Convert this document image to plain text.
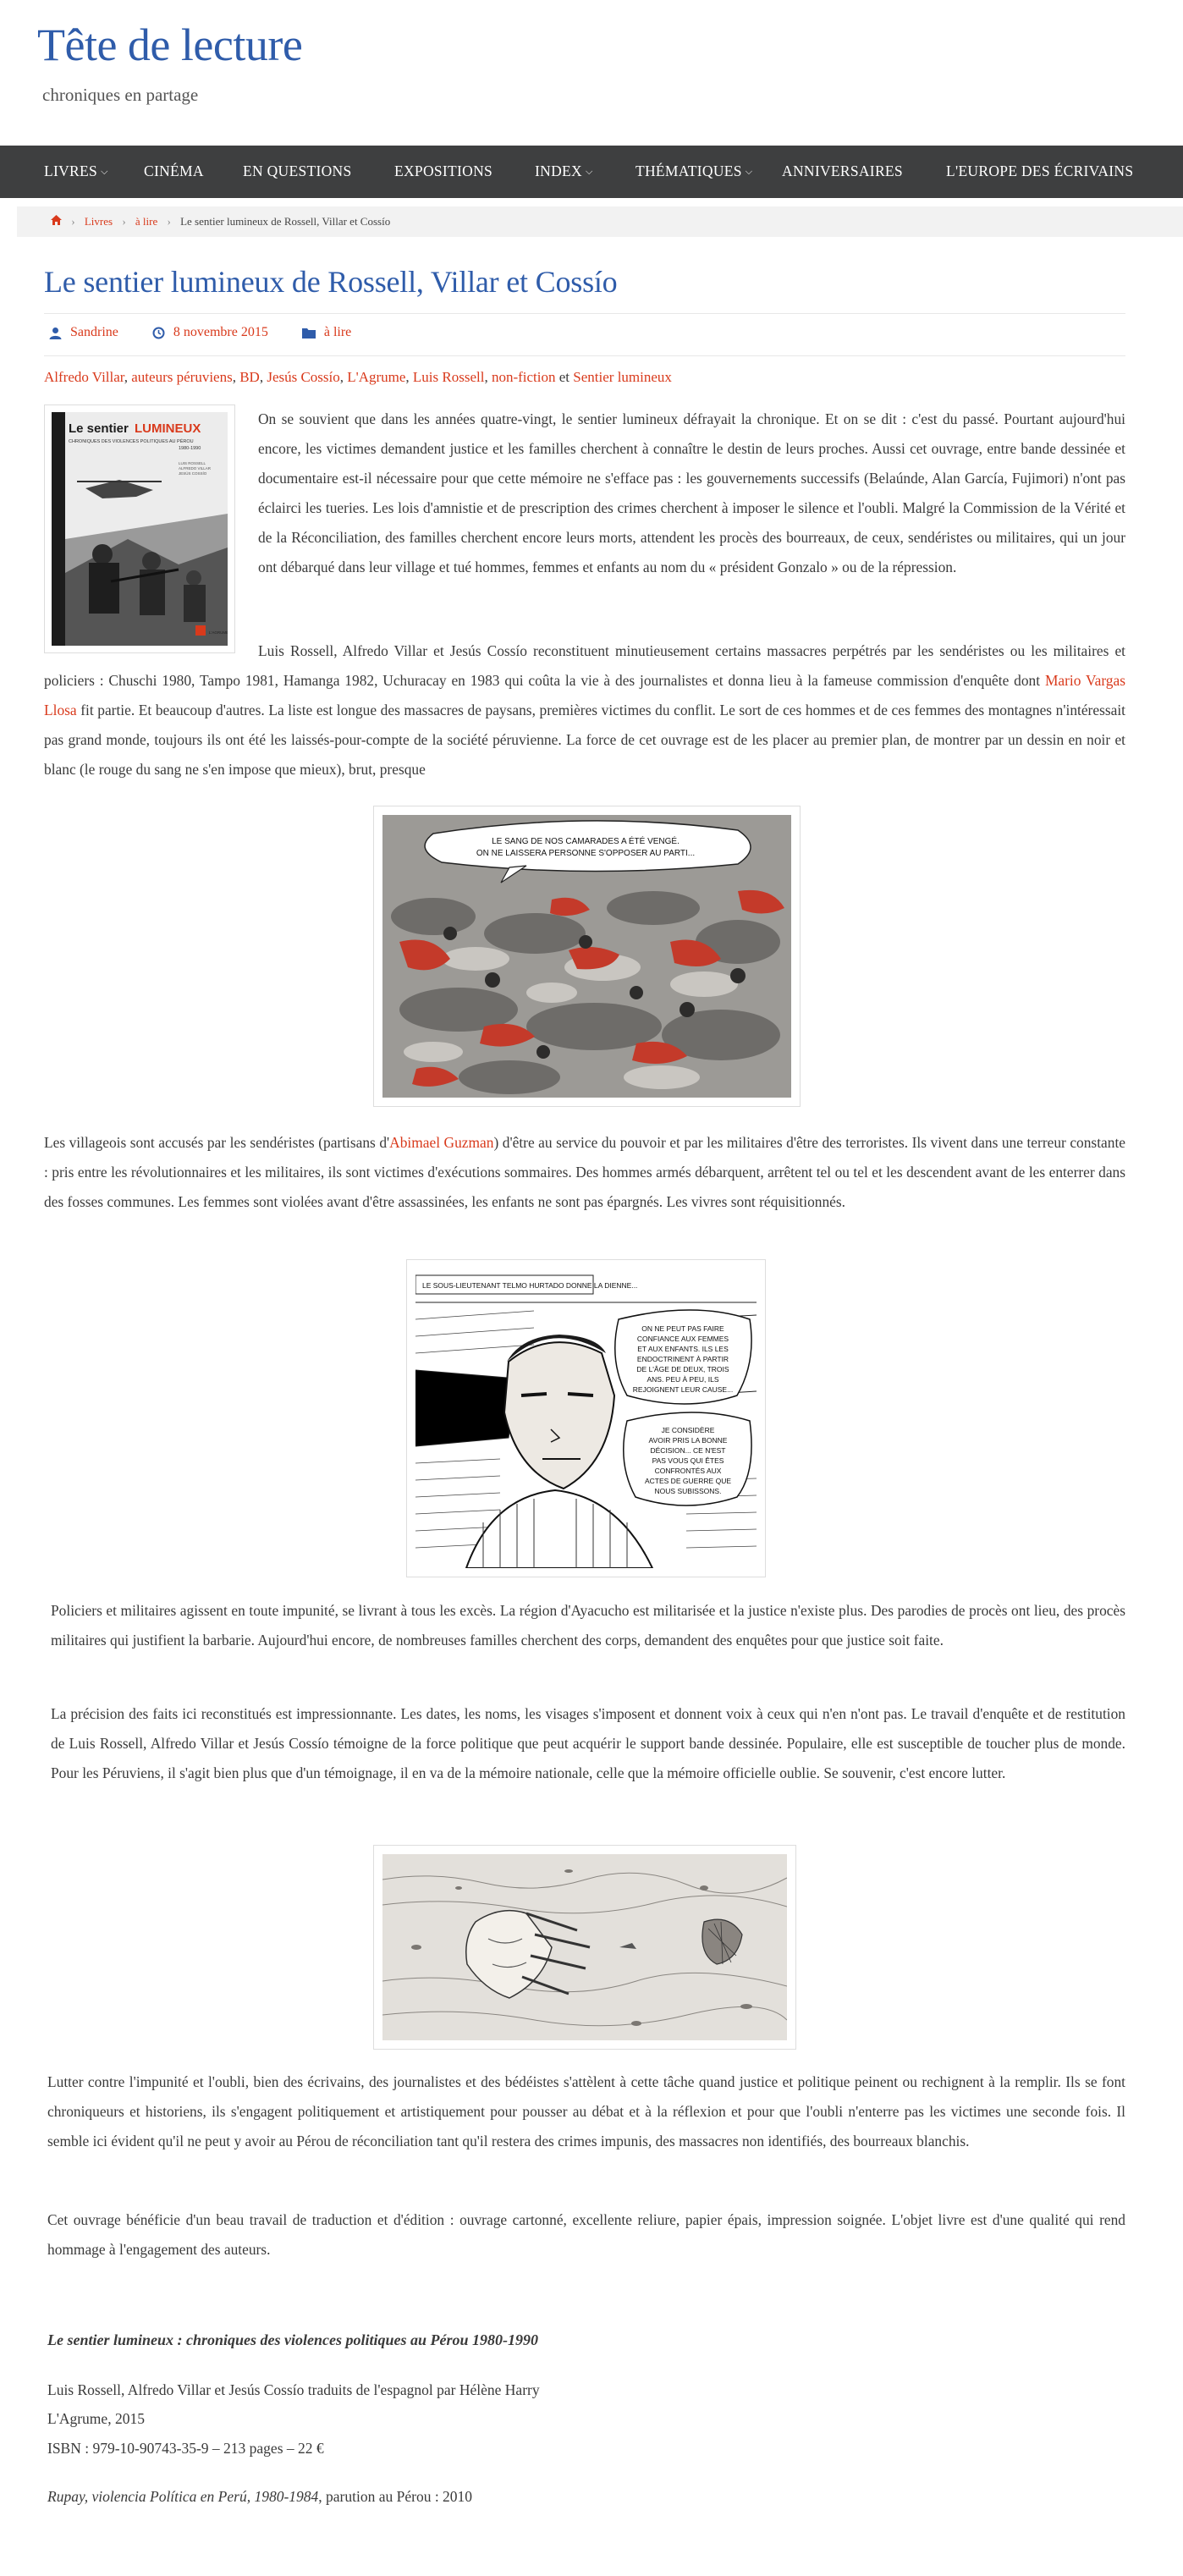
Tête de lecture
chroniques en partage
LIVRES ⌵ CINÉMA	EN QUESTIONS	EXPOSITIONS	INDEX ⌵	THÉMATIQUES ⌵ ANNIVERSAIRES	L'EUROPE DES ÉCRIVAINS
› Livres › à lire › Le sentier lumineux de Rossell, Villar et Cossío
Le sentier lumineux de Rossell, Villar et Cossío
Sandrine	8 novembre 2015	à lire
Alfredo Villar, auteurs péruviens, BD, Jesús Cossío, L'Agrume, Luis Rossell, non-fiction et Sentier lumineux
Le sentier LUMINEUX
CHRONIQUES DES VIOLENCES POLITIQUES AU PÉROU
1980-1990
LUIS ROSSELL
ALFREDO VILLAR
JESÚS COSSÍO
L'AGRUME
On se souvient que dans les années quatre-vingt, le sentier lumineux défrayait la chronique. Et on se dit : c'est du passé. Pourtant aujourd'hui encore, les victimes demandent justice et les familles cherchent à connaître le destin de leurs proches. Aussi cet ouvrage, entre bande dessinée et documentaire est-il nécessaire pour que cette mémoire ne s'efface pas : les gouvernements successifs (Belaúnde, Alan García, Fujimori) n'ont pas éclairci les tueries. Les lois d'amnistie et de prescription des crimes cherchent à imposer le silence et l'oubli. Malgré la Commission de la Vérité et de la Réconciliation, des familles cherchent encore leurs morts, attendent les procès des bourreaux, de ceux, sendéristes ou militaires, qui un jour ont débarqué dans leur village et tué hommes, femmes et enfants au nom du « président Gonzalo » ou de la répression.
Luis Rossell, Alfredo Villar et Jesús Cossío reconstituent minutieusement certains massacres perpétrés par les sendéristes ou les militaires et policiers : Chuschi 1980, Tampo 1981, Hamanga 1982, Uchuracay en 1983 qui coûta la vie à des journalistes et donna lieu à la fameuse commission d'enquête dont Mario Vargas Llosa fit partie. Et beaucoup d'autres. La liste est longue des massacres de paysans, premières victimes du conflit. Le sort de ces hommes et de ces femmes des montagnes n'intéressait pas grand monde, toujours ils ont été les laissés-pour-compte de la société péruvienne. La force de cet ouvrage est de les placer au premier plan, de montrer par un dessin en noir et blanc (le rouge du sang ne s'en impose que mieux), brut, presque
LE SANG DE NOS CAMARADES A ÉTÉ VENGÉ.
ON NE LAISSERA PERSONNE S'OPPOSER AU PARTI...
Les villageois sont accusés par les sendéristes (partisans d'Abimael Guzman) d'être au service du pouvoir et par les militaires d'être des terroristes. Ils vivent dans une terreur constante : pris entre les révolutionnaires et les militaires, ils sont victimes d'exécutions sommaires. Des hommes armés débarquent, arrêtent tel ou tel et les descendent avant de les enterrer dans des fosses communes. Les femmes sont violées avant d'être assassinées, les enfants ne sont pas épargnés. Les vivres sont réquisitionnés.
LE SOUS-LIEUTENANT TELMO HURTADO DONNE LA DIENNE...
ON NE PEUT PAS FAIRE
CONFIANCE AUX FEMMES
ET AUX ENFANTS. ILS LES
ENDOCTRINENT À PARTIR
DE L'ÂGE DE DEUX, TROIS
ANS. PEU À PEU, ILS
REJOIGNENT LEUR CAUSE...
JE CONSIDÈRE
AVOIR PRIS LA BONNE
DÉCISION... CE N'EST
PAS VOUS QUI ÊTES
CONFRONTÉS AUX
ACTES DE GUERRE QUE
NOUS SUBISSONS.
Policiers et militaires agissent en toute impunité, se livrant à tous les excès. La région d'Ayacucho est militarisée et la justice n'existe plus. Des parodies de procès ont lieu, des procès militaires qui justifient la barbarie. Aujourd'hui encore, de nombreuses familles cherchent des corps, demandent des enquêtes pour que justice soit faite.
La précision des faits ici reconstitués est impressionnante. Les dates, les noms, les visages s'imposent et donnent voix à ceux qui n'en n'ont pas. Le travail d'enquête et de restitution de Luis Rossell, Alfredo Villar et Jesús Cossío témoigne de la force politique que peut acquérir le support bande dessinée. Populaire, elle est susceptible de toucher plus de monde. Pour les Péruviens, il s'agit bien plus que d'un témoignage, il en va de la mémoire nationale, celle que la mémoire officielle oublie. Se souvenir, c'est encore lutter.
Lutter contre l'impunité et l'oubli, bien des écrivains, des journalistes et des bédéistes s'attèlent à cette tâche quand justice et politique peinent ou rechignent à la remplir. Ils se font chroniqueurs et historiens, ils s'engagent politiquement et artistiquement pour pousser au débat et à la réflexion et pour que l'oubli n'enterre pas les victimes une seconde fois. Il semble ici évident qu'il ne peut y avoir au Pérou de réconciliation tant qu'il restera des crimes impunis, des massacres non identifiés, des bourreaux blanchis.
Cet ouvrage bénéficie d'un beau travail de traduction et d'édition : ouvrage cartonné, excellente reliure, papier épais, impression soignée. L'objet livre est d'une qualité qui rend hommage à l'engagement des auteurs.
Le sentier lumineux : chroniques des violences politiques au Pérou 1980-1990
Luis Rossell, Alfredo Villar et Jesús Cossío traduits de l'espagnol par Hélène Harry
L'Agrume, 2015
ISBN : 979-10-90743-35-9 – 213 pages – 22 €
Rupay, violencia Política en Perú, 1980-1984, parution au Pérou : 2010
